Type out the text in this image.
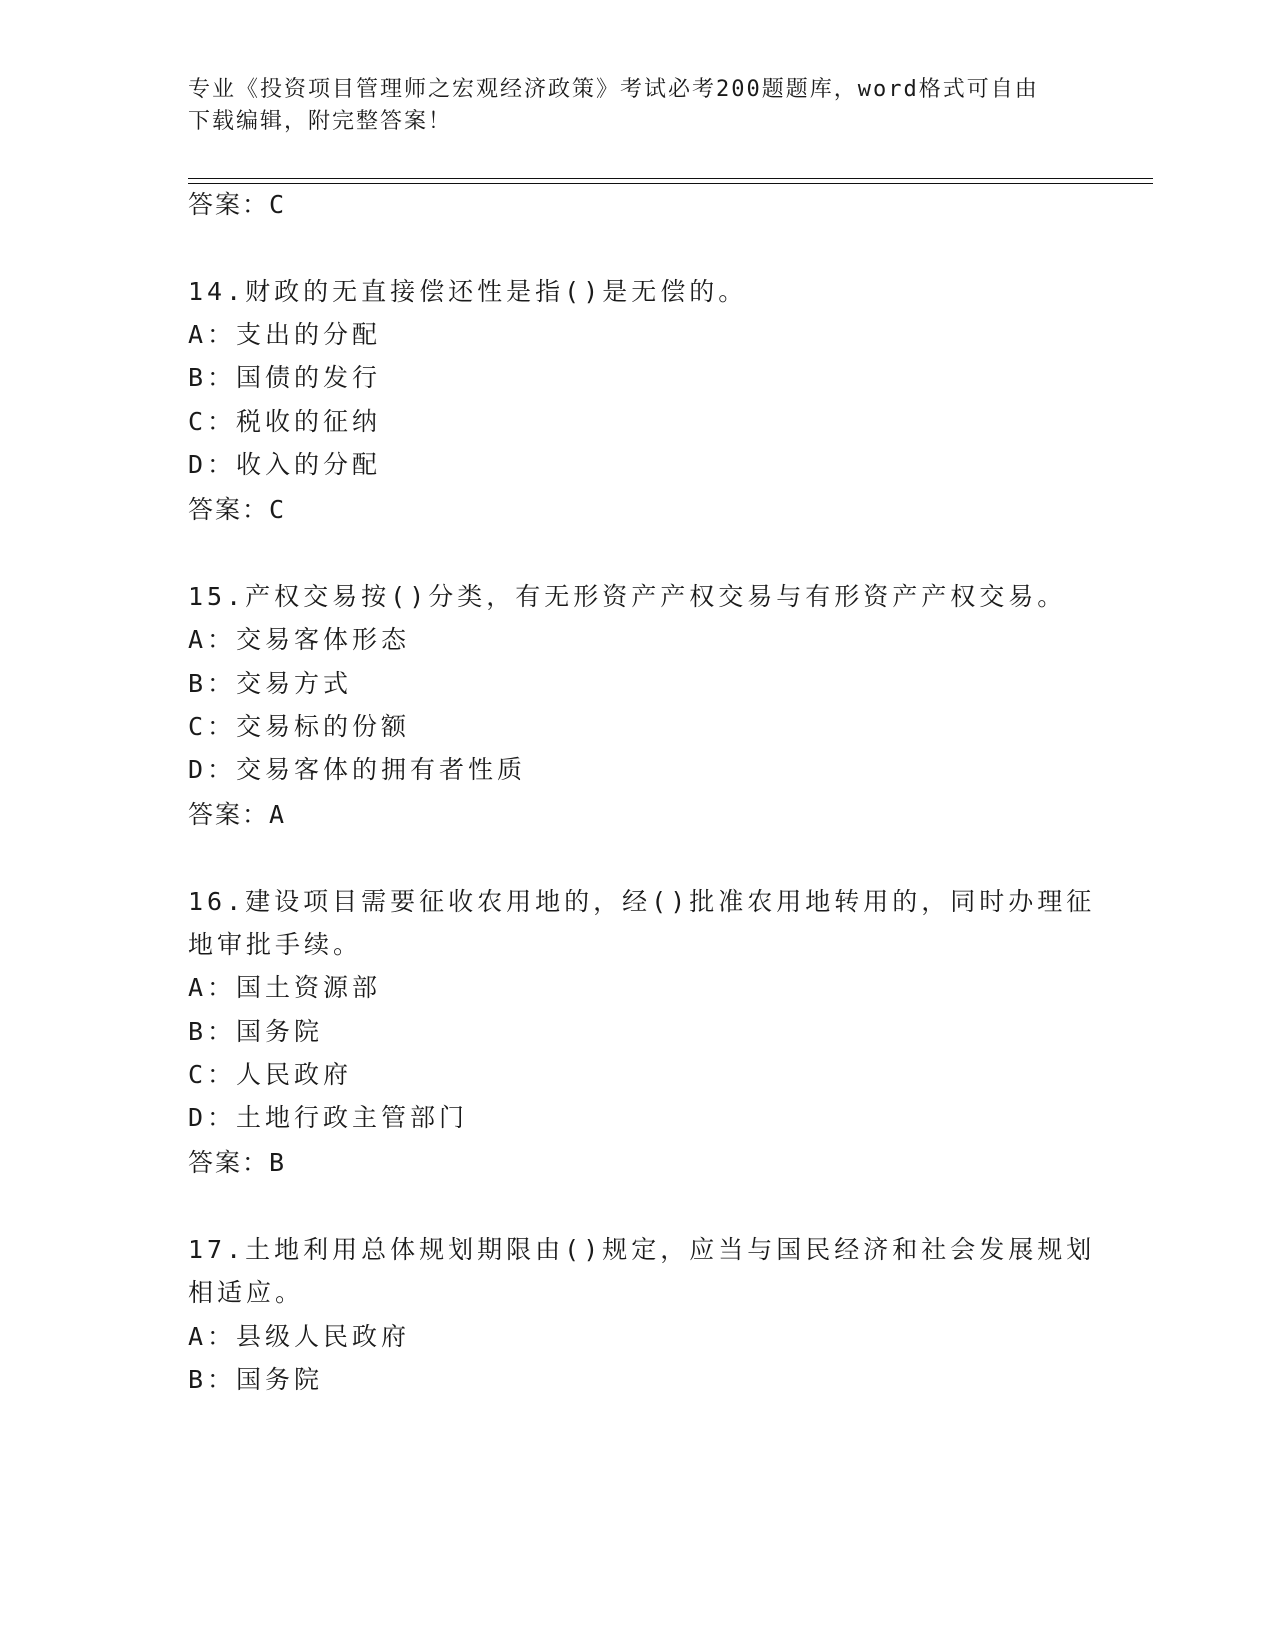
专业《投资项目管理师之宏观经济政策》考试必考200题题库，word格式可自由
下载编辑，附完整答案！
答案：C
14.财政的无直接偿还性是指()是无偿的。
A：支出的分配
B：国债的发行
C：税收的征纳
D：收入的分配
答案：C
15.产权交易按()分类，有无形资产产权交易与有形资产产权交易。
A：交易客体形态
B：交易方式
C：交易标的份额
D：交易客体的拥有者性质
答案：A
16.建设项目需要征收农用地的，经()批准农用地转用的，同时办理征
地审批手续。
A：国土资源部
B：国务院
C：人民政府
D：土地行政主管部门
答案：B
17.土地利用总体规划期限由()规定，应当与国民经济和社会发展规划
相适应。
A：县级人民政府
B：国务院
